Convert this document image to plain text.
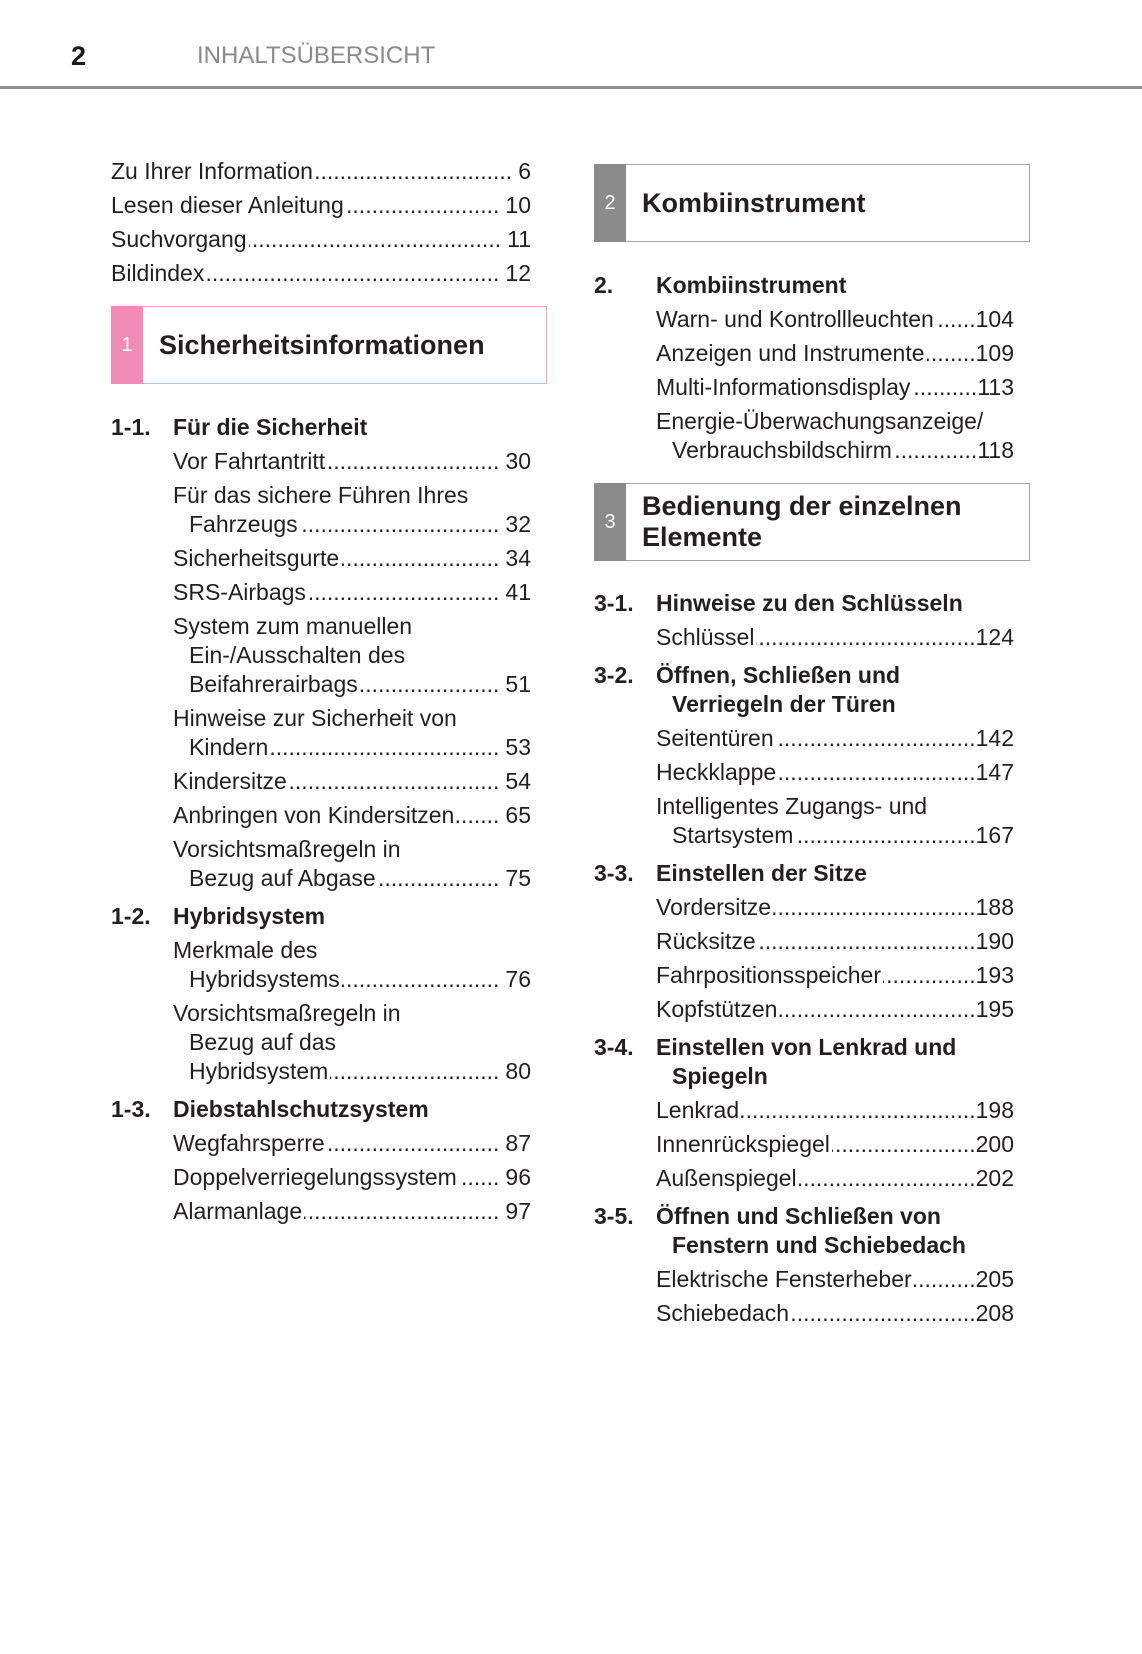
2	INHALTSÜBERSICHT
Zu Ihrer Information .....	6
Lesen dieser Anleitung .....	10
Suchvorgang .....	11
Bildindex .....	12
1 Sicherheitsinformationen
1-1. Für die Sicherheit
Vor Fahrtantritt .....	30
Für das sichere Führen Ihres
Fahrzeugs .....	32
Sicherheitsgurte .....	34
SRS-Airbags .....	41
System zum manuellen
Ein-/Ausschalten des
Beifahrerairbags .....	51
Hinweise zur Sicherheit von
Kindern .....	53
Kindersitze .....	54
Anbringen von Kindersitzen ..... 65
Vorsichtsmaßregeln in
Bezug auf Abgase .....	75
1-2. Hybridsystem
Merkmale des
Hybridsystems .....	76
Vorsichtsmaßregeln in
Bezug auf das
Hybridsystem .....	80
1-3. Diebstahlschutzsystem
Wegfahrsperre .....	87
Doppelverriegelungssystem ..... 96
Alarmanlage .....	97
2 Kombiinstrument
2.	Kombiinstrument
Warn- und Kontrollleuchten ..... 104
Anzeigen und Instrumente ..... 109
Multi-Informationsdisplay .....	113
Energie-Überwachungsanzeige/
Verbrauchsbildschirm .....	118
3
Bedienung der einzelnen
Elemente
3-1. Hinweise zu den Schlüsseln
Schlüssel .....	124
3-2. Öffnen, Schließen und
Verriegeln der Türen
Seitentüren .....	142
Heckklappe .....	147
Intelligentes Zugangs- und
Startsystem .....	167
3-3. Einstellen der Sitze
Vordersitze .....	188
Rücksitze .....	190
Fahrpositionsspeicher .....	193
Kopfstützen .....	195
3-4. Einstellen von Lenkrad und
Spiegeln
Lenkrad .....	198
Innenrückspiegel .....	200
Außenspiegel .....	202
3-5. Öffnen und Schließen von
Fenstern und Schiebedach
Elektrische Fensterheber .....	205
Schiebedach .....	208
